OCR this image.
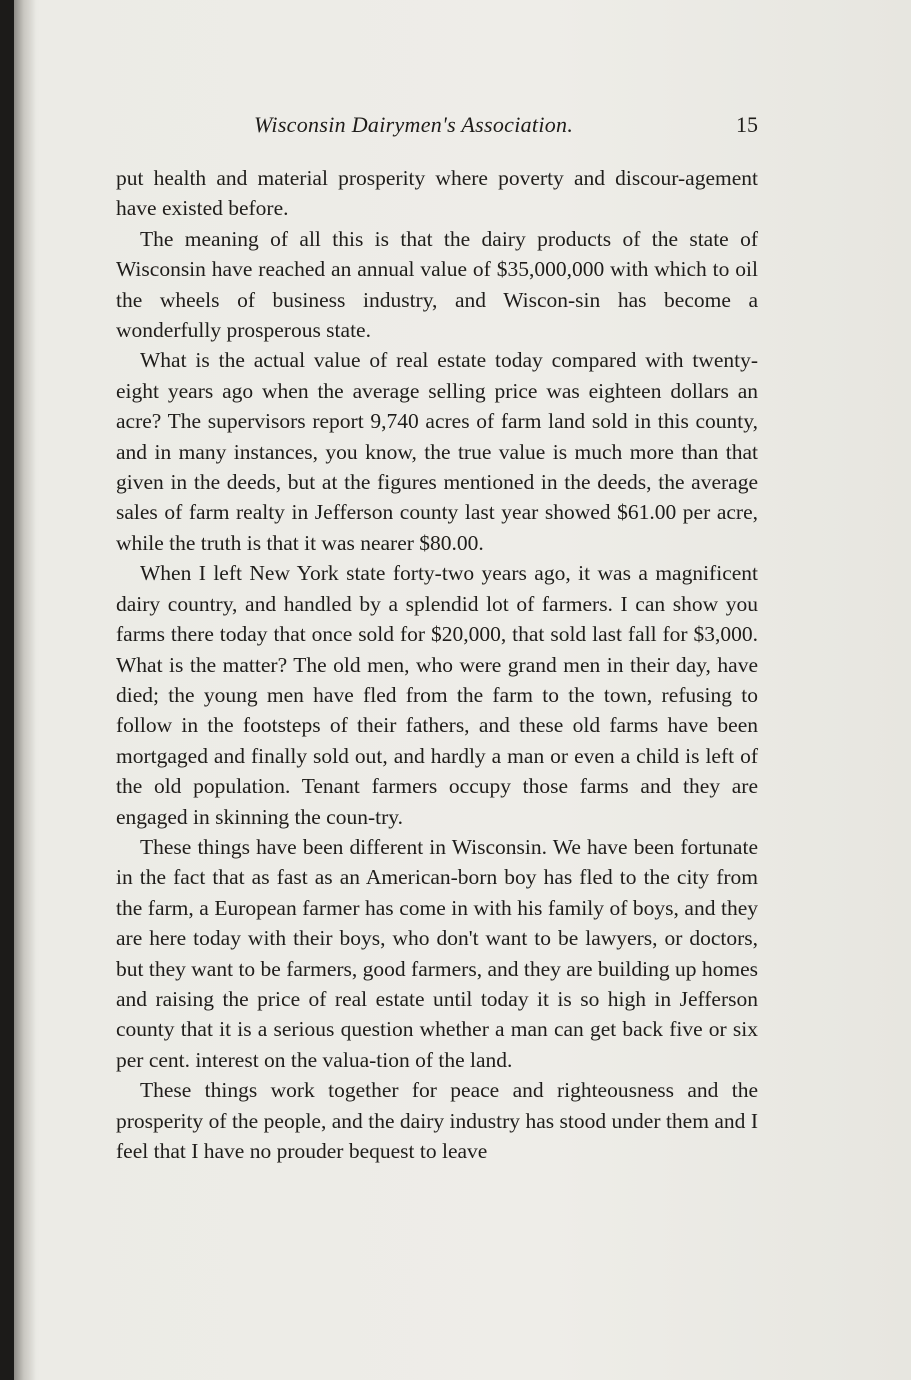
Wisconsin Dairymen's Association.	15

put health and material prosperity where poverty and discour-agement have existed before.

The meaning of all this is that the dairy products of the state of Wisconsin have reached an annual value of $35,000,000 with which to oil the wheels of business industry, and Wiscon-sin has become a wonderfully prosperous state.

What is the actual value of real estate today compared with twenty-eight years ago when the average selling price was eighteen dollars an acre? The supervisors report 9,740 acres of farm land sold in this county, and in many instances, you know, the true value is much more than that given in the deeds, but at the figures mentioned in the deeds, the average sales of farm realty in Jefferson county last year showed $61.00 per acre, while the truth is that it was nearer $80.00.

When I left New York state forty-two years ago, it was a magnificent dairy country, and handled by a splendid lot of farmers. I can show you farms there today that once sold for $20,000, that sold last fall for $3,000. What is the matter? The old men, who were grand men in their day, have died; the young men have fled from the farm to the town, refusing to follow in the footsteps of their fathers, and these old farms have been mortgaged and finally sold out, and hardly a man or even a child is left of the old population. Tenant farmers occupy those farms and they are engaged in skinning the coun-try.

These things have been different in Wisconsin. We have been fortunate in the fact that as fast as an American-born boy has fled to the city from the farm, a European farmer has come in with his family of boys, and they are here today with their boys, who don't want to be lawyers, or doctors, but they want to be farmers, good farmers, and they are building up homes and raising the price of real estate until today it is so high in Jefferson county that it is a serious question whether a man can get back five or six per cent. interest on the valua-tion of the land.

These things work together for peace and righteousness and the prosperity of the people, and the dairy industry has stood under them and I feel that I have no prouder bequest to leave
